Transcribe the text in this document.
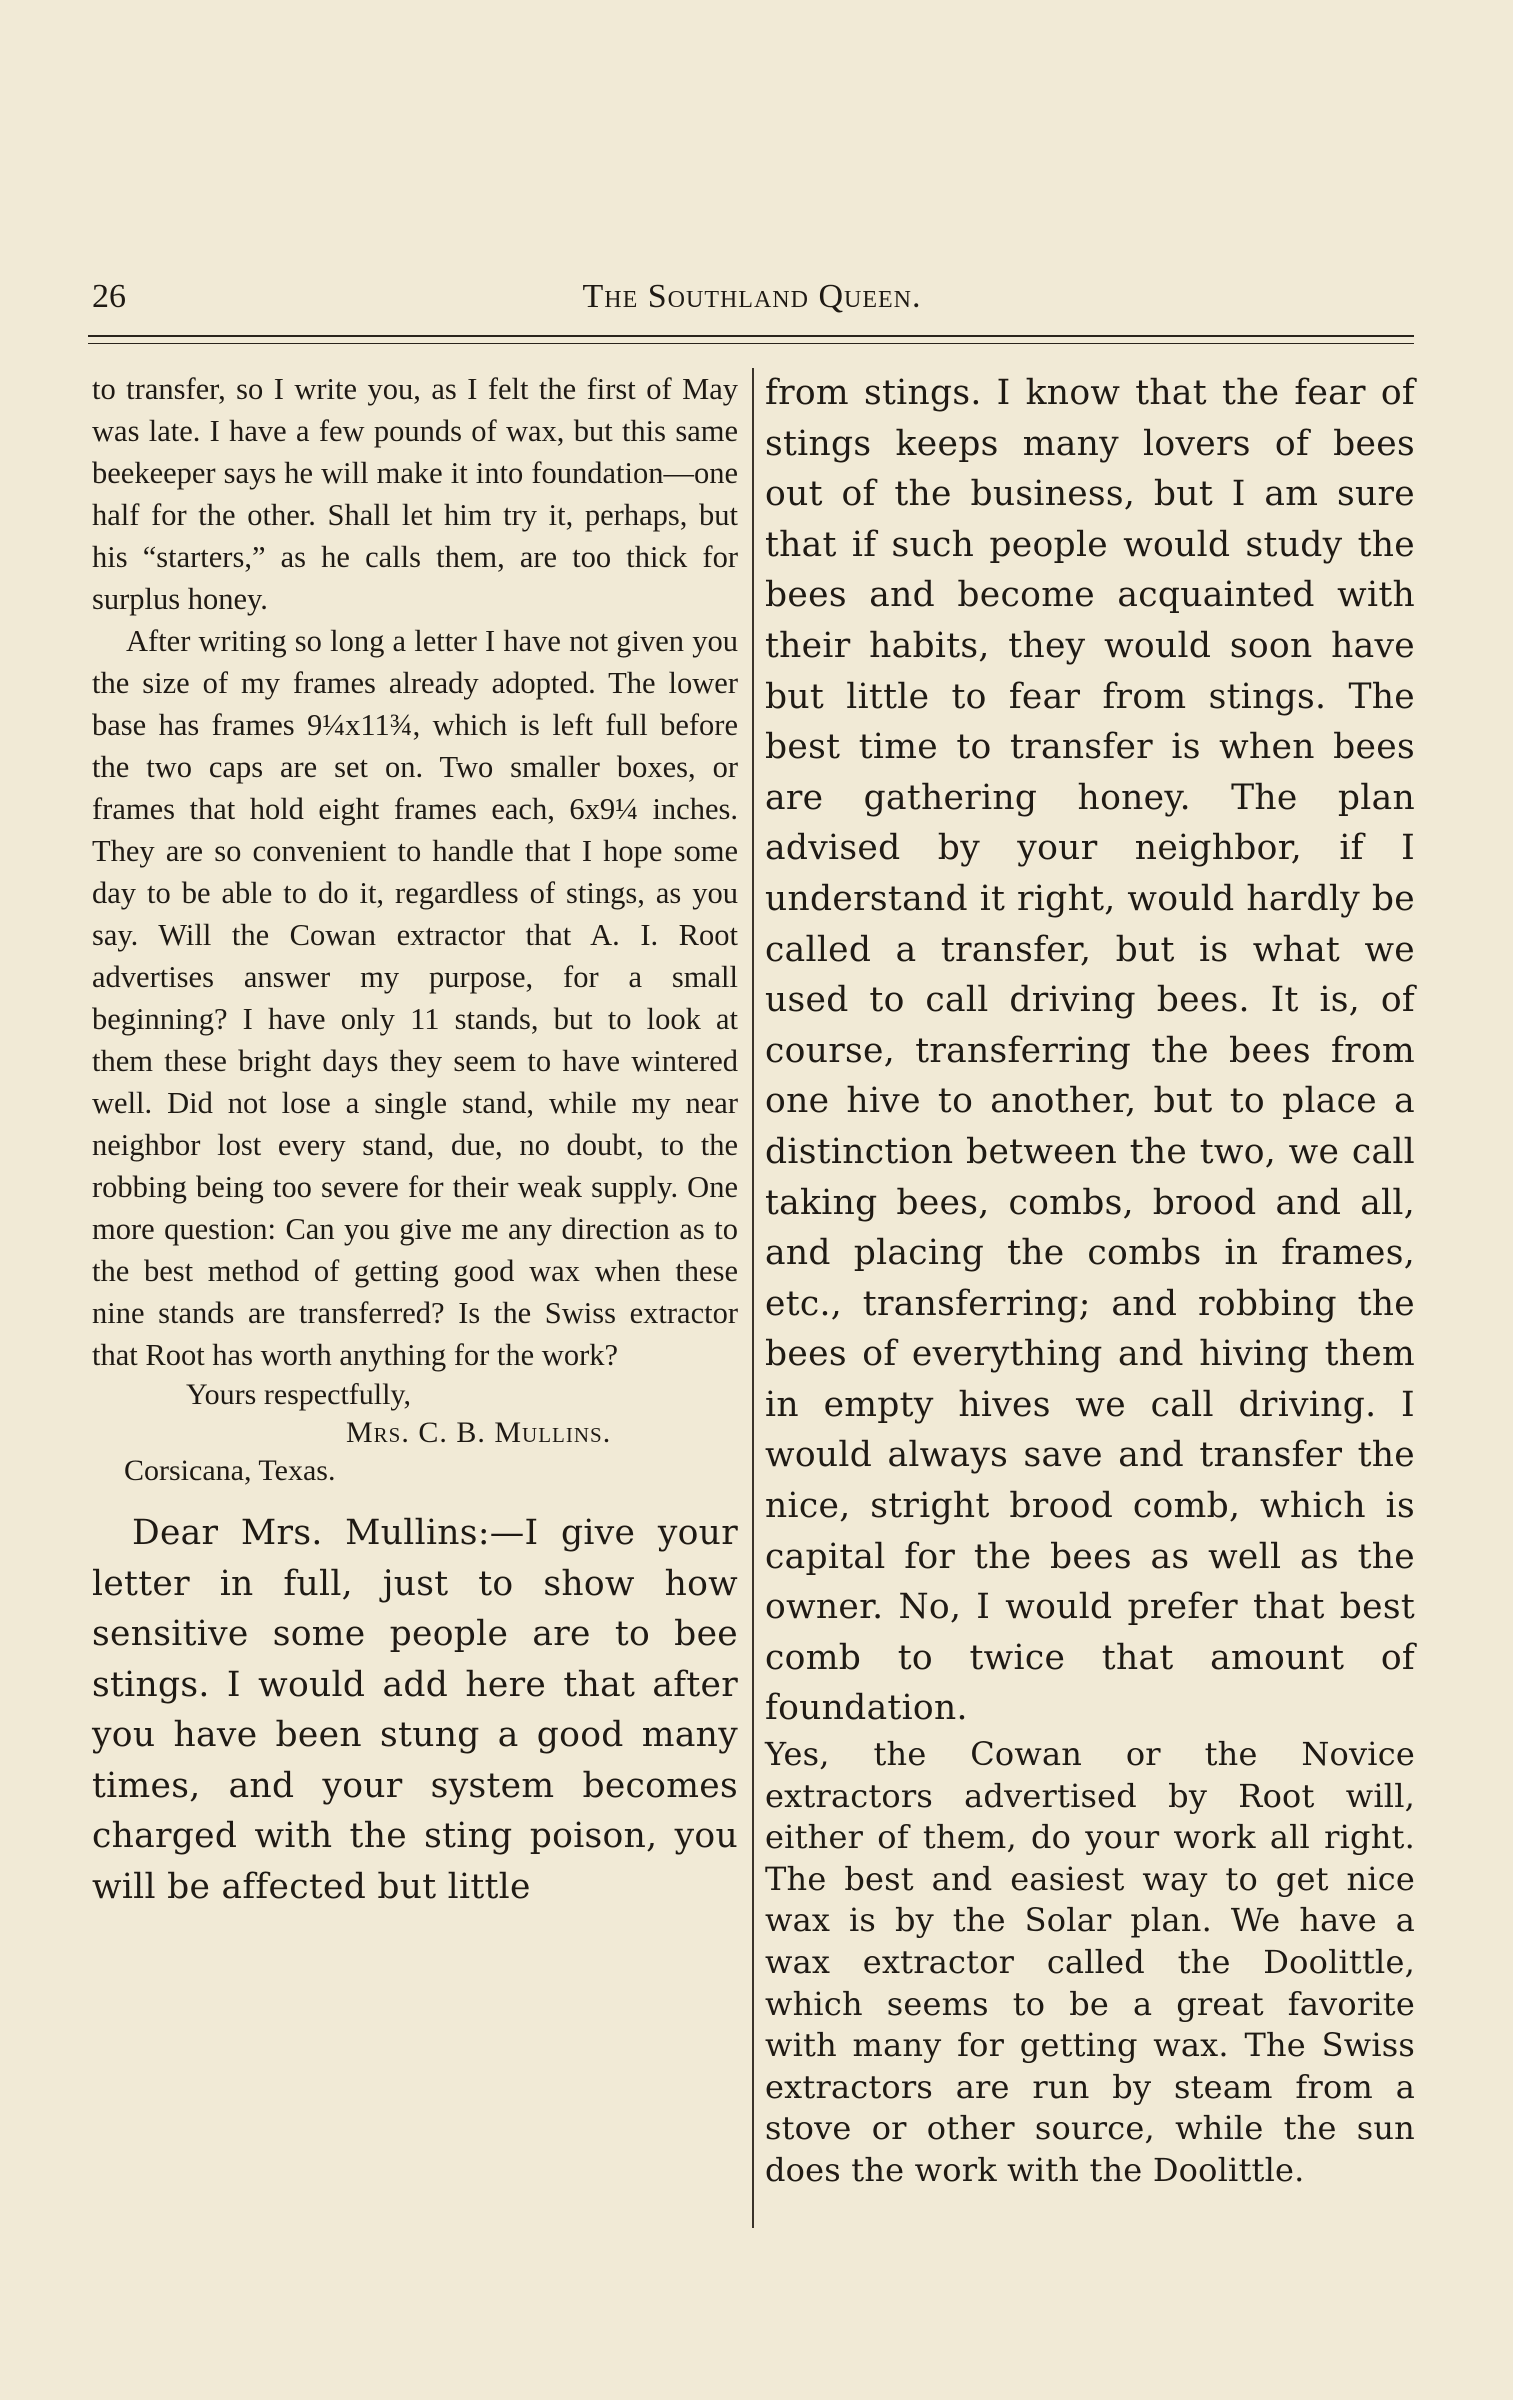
26	The Southland Queen.

to transfer, so I write you, as I felt the first of May was late. I have a few pounds of wax, but this same beekeeper says he will make it into foundation—one half for the other. Shall let him try it, perhaps, but his “starters,” as he calls them, are too thick for surplus honey.

After writing so long a letter I have not given you the size of my frames already adopted. The lower base has frames 9¼x11¾, which is left full before the two caps are set on. Two smaller boxes, or frames that hold eight frames each, 6x9¼ inches. They are so convenient to handle that I hope some day to be able to do it, regardless of stings, as you say. Will the Cowan extractor that A. I. Root advertises answer my purpose, for a small beginning? I have only 11 stands, but to look at them these bright days they seem to have wintered well. Did not lose a single stand, while my near neighbor lost every stand, due, no doubt, to the robbing being too severe for their weak supply. One more question: Can you give me any direction as to the best method of getting good wax when these nine stands are transferred? Is the Swiss extractor that Root has worth anything for the work?

Yours respectfully,
Mrs. C. B. Mullins.
Corsicana, Texas.

Dear Mrs. Mullins:—I give your letter in full, just to show how sensitive some people are to bee stings. I would add here that after you have been stung a good many times, and your system becomes charged with the sting poison, you will be affected but little

from stings. I know that the fear of stings keeps many lovers of bees out of the business, but I am sure that if such people would study the bees and become acquainted with their habits, they would soon have but little to fear from stings. The best time to transfer is when bees are gathering honey. The plan advised by your neighbor, if I understand it right, would hardly be called a transfer, but is what we used to call driving bees. It is, of course, transferring the bees from one hive to another, but to place a distinction between the two, we call taking bees, combs, brood and all, and placing the combs in frames, etc., transferring; and robbing the bees of everything and hiving them in empty hives we call driving. I would always save and transfer the nice, stright brood comb, which is capital for the bees as well as the owner. No, I would prefer that best comb to twice that amount of foundation.

Yes, the Cowan or the Novice extractors advertised by Root will, either of them, do your work all right. The best and easiest way to get nice wax is by the Solar plan. We have a wax extractor called the Doolittle, which seems to be a great favorite with many for getting wax. The Swiss extractors are run by steam from a stove or other source, while the sun does the work with the Doolittle.
